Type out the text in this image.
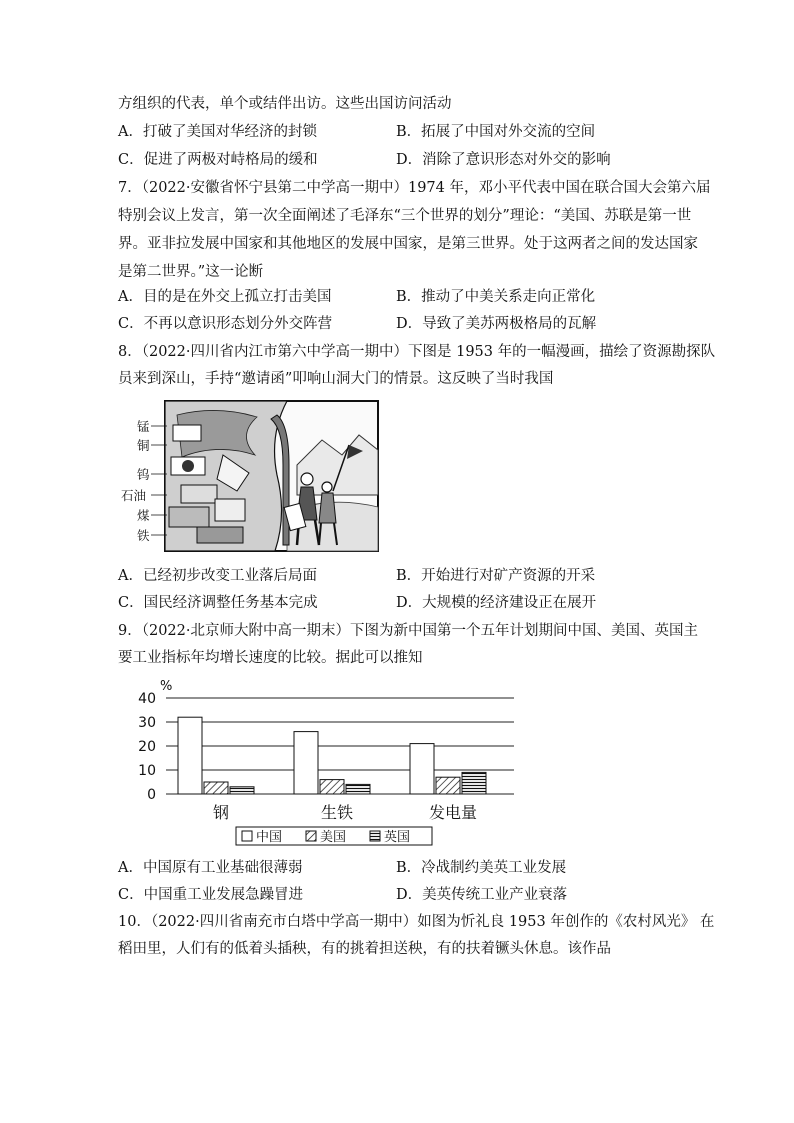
方组织的代表，单个或结伴出访。这些出国访问活动
A．打破了美国对华经济的封锁	B．拓展了中国对外交流的空间
C．促进了两极对峙格局的缓和	D．消除了意识形态对外交的影响
7．（2022·安徽省怀宁县第二中学高一期中）1974 年，邓小平代表中国在联合国大会第六届
特别会议上发言，第一次全面阐述了毛泽东“三个世界的划分”理论：“美国、苏联是第一世
界。亚非拉发展中国家和其他地区的发展中国家，是第三世界。处于这两者之间的发达国家
是第二世界。”这一论断
A．目的是在外交上孤立打击美国	B．推动了中美关系走向正常化
C．不再以意识形态划分外交阵营	D．导致了美苏两极格局的瓦解
8．（2022·四川省内江市第六中学高一期中）下图是 1953 年的一幅漫画，描绘了资源勘探队
员来到深山，手持“邀请函”叩响山洞大门的情景。这反映了当时我国
锰
铜
钨
石油
煤
铁
A．已经初步改变工业落后局面	B．开始进行对矿产资源的开采
C．国民经济调整任务基本完成	D．大规模的经济建设正在展开
9．（2022·北京师大附中高一期末）下图为新中国第一个五年计划期间中国、美国、英国主
要工业指标年均增长速度的比较。据此可以推知
%
40
30
20
10
0
钢	生铁	发电量
中国	美国	英国
A．中国原有工业基础很薄弱	B．冷战制约美英工业发展
C．中国重工业发展急躁冒进	D．美英传统工业产业衰落
10．（2022·四川省南充市白塔中学高一期中）如图为忻礼良 1953 年创作的《农村风光》 在
稻田里，人们有的低着头插秧，有的挑着担送秧，有的扶着镢头休息。该作品
